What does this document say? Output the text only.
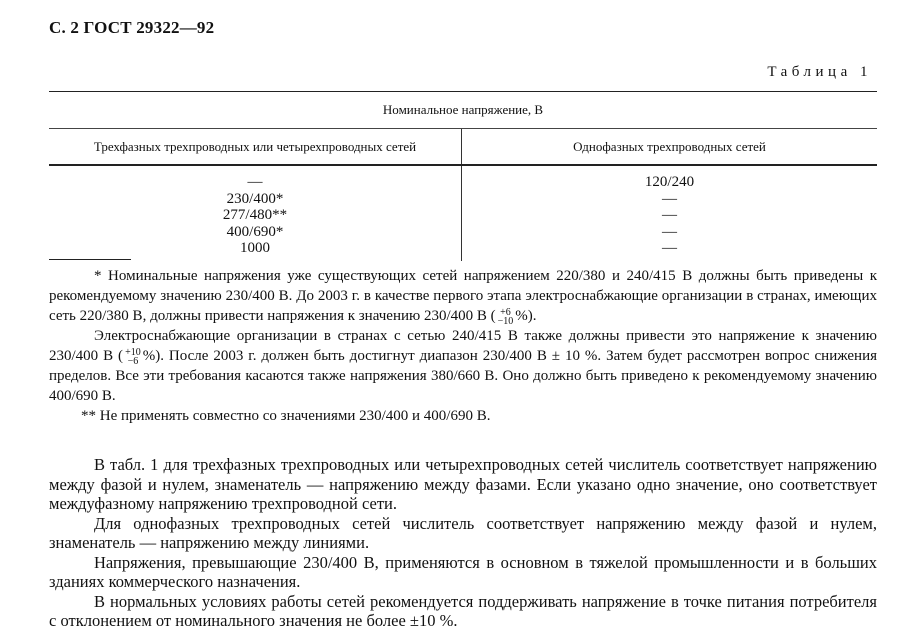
С. 2 ГОСТ 29322—92
Таблица 1
Номинальное напряжение, В
Трехфазных трехпроводных или четырехпроводных сетей	Однофазных трехпроводных сетей
—
230/400*
277/480**
400/690*
1000
120/240
—
—
—
—

* Номинальные напряжения уже существующих сетей напряжением 220/380 и 240/415 В должны быть приведены к рекомендуемому значению 230/400 В. До 2003 г. в качестве первого этапа электроснабжающие организации в странах, имеющих сеть 220/380 В, должны привести напряжения к значению 230/400 В ( +6
−10 %).

Электроснабжающие организации в странах с сетью 240/415 В также должны привести это напряжение к значению 230/400 В ( +10
−6 %). После 2003 г. должен быть достигнут диапазон 230/400 В ± 10 %. Затем будет рассмотрен вопрос снижения пределов. Все эти требования касаются также напряжения 380/660 В. Оно должно быть приведено к рекомендуемому значению 400/690 В.

** Не применять совместно со значениями 230/400 и 400/690 В.

В табл. 1 для трехфазных трехпроводных или четырехпроводных сетей числитель соответствует напряжению между фазой и нулем, знаменатель — напряжению между фазами. Если указано одно значение, оно соответствует междуфазному напряжению трехпроводной сети.

Для однофазных трехпроводных сетей числитель соответствует напряжению между фазой и нулем, знаменатель — напряжению между линиями.

Напряжения, превышающие 230/400 В, применяются в основном в тяжелой промышленности и в больших зданиях коммерческого назначения.

В нормальных условиях работы сетей рекомендуется поддерживать напряжение в точке питания потребителя с отклонением от номинального значения не более ±10 %.
